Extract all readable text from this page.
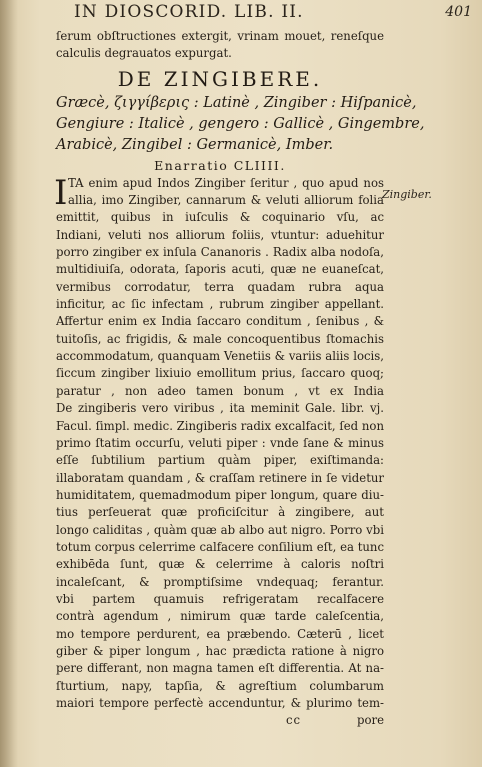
IN DIOSCORID. LIB. II.	401
Zingiber.
ſerum obſtructiones extergit, vrinam mouet, reneſque
calculis degrauatos expurgat.
DE ZINGIBERE.
Græcè, ζιγγίβερις : Latinè , Zingiber : Hiſpanicè,
Gengiure : Italicè , gengero : Gallicè , Gingembre,
Arabicè, Zingibel : Germanicè, Imber.
Enarratio CLIIII.
I TA enim apud Indos Zingiber ſeritur , quo apud nos
allia, imo Zingiber, cannarum & veluti alliorum folia
emittit, quibus in iuſculis & coquinario vſu, ac
Indiani, veluti nos alliorum foliis, vtuntur: aduehitur
porro zingiber ex inſula Cananoris . Radix alba nodoſa,
multidiuiſa, odorata, ſaporis acuti, quæ ne euaneſcat,
vermibus corrodatur, terra quadam rubra aqua
inficitur, ac ſic infectam , rubrum zingiber appellant.
Affertur enim ex India ſaccaro conditum , ſenibus , &
tuitoſis, ac frigidis, & male concoquentibus ſtomachis
accommodatum, quanquam Venetiis & variis aliis locis,
ſiccum zingiber lixiuio emollitum prius, ſaccaro quoq;
paratur , non adeo tamen bonum , vt ex India
De zingiberis vero viribus , ita meminit Gale. libr. vj.
Facul. ſimpl. medic. Zingiberis radix excalfacit, ſed non
primo ſtatim occurſu, veluti piper : vnde ſane & minus
eſſe ſubtilium partium quàm piper, exiſtimanda:
illaboratam quandam , & craſſam retinere in ſe videtur
humiditatem, quemadmodum piper longum, quare diu-
tius perſeuerat quæ proficiſcitur à zingibere, aut
longo caliditas , quàm quæ ab albo aut nigro. Porro vbi
totum corpus celerrime calfacere conſilium eſt, ea tunc
exhibēda ſunt, quæ & celerrime à caloris noſtri
incaleſcant, & promptiſsime vndequaq; ferantur.
vbi partem quamuis refrigeratam recalfacere
contrà agendum , nimirum quæ tarde caleſcentia,
mo tempore perdurent, ea præbendo. Cæterū , licet
giber & piper longum , hac prædicta ratione à nigro
pere differant, non magna tamen eſt differentia. At na-
ſturtium, napy, tapſia, & agreſtium columbarum
maiori tempore perfectè accenduntur, & plurimo tem-
cc	pore
